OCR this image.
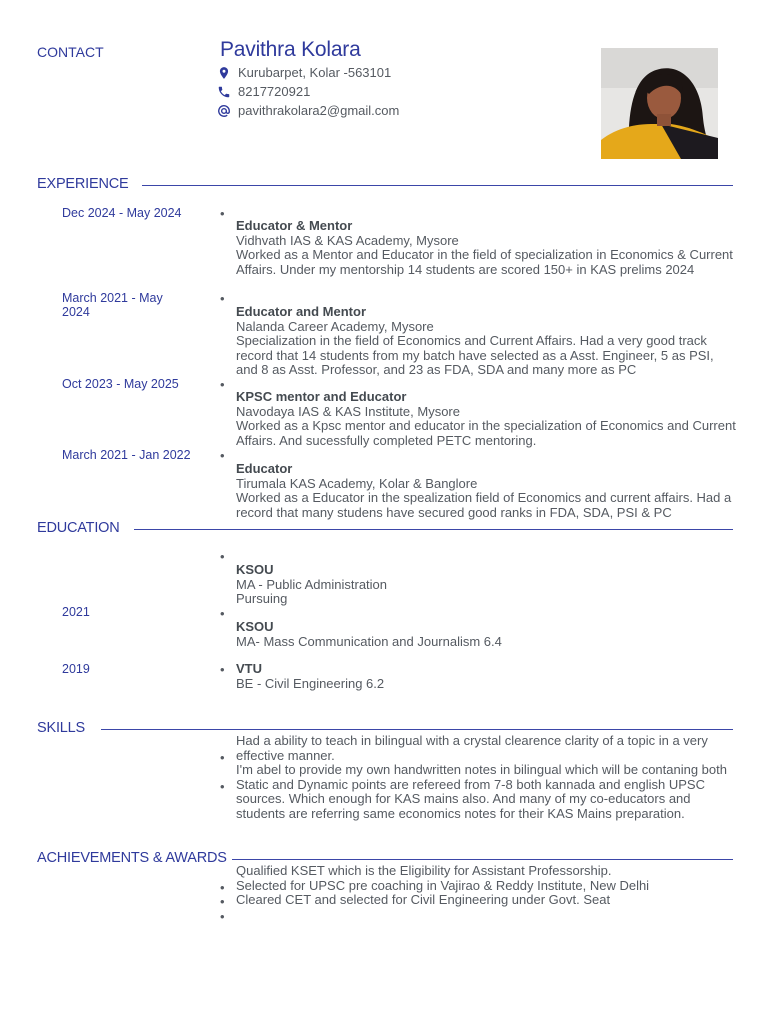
CONTACT	Pavithra Kolara
Kurubarpet, Kolar -563101
8217720921
pavithrakolara2@gmail.com
EXPERIENCE
Dec 2024 - May 2024	•
Educator & Mentor
Vidhvath IAS & KAS Academy, Mysore
Worked as a Mentor and Educator in the field of specialization in Economics & Current Affairs. Under my mentorship 14 students are scored 150+ in KAS prelims 2024
March 2021 - May 2024
•
Educator and Mentor
Nalanda Career Academy, Mysore
Specialization in the field of Economics and Current Affairs. Had a very good track record that 14 students from my batch have selected as a Asst. Engineer, 5 as PSI, and 8 as Asst. Professor, and 23 as FDA, SDA and many more as PC
Oct 2023 - May 2025	•
KPSC mentor and Educator
Navodaya IAS & KAS Institute, Mysore
Worked as a Kpsc mentor and educator in the specialization of Economics and Current Affairs. And sucessfully completed PETC mentoring.
March 2021 - Jan 2022 •
Educator
Tirumala KAS Academy, Kolar & Banglore
Worked as a Educator in the spealization field of Economics and current affairs. Had a record that many studens have secured good ranks in FDA, SDA, PSI & PC
EDUCATION
•
KSOU
MA - Public Administration
Pursuing
2021	•
KSOU
MA- Mass Communication and Journalism 6.4
2019	• VTU
BE - Civil Engineering 6.2
SKILLS
Had a ability to teach in bilingual with a crystal clearence clarity of a topic in a very effective manner.
•
I'm abel to provide my own handwritten notes in bilingual which will be contaning both Static and Dynamic points are refereed from 7-8 both kannada and english UPSC sources. Which enough for KAS mains also. And many of my co-educators and students are referring same economics notes for their KAS Mains preparation.
•
ACHIEVEMENTS & AWARDS
Qualified KSET which is the Eligibility for Assistant Professorship.
• Selected for UPSC pre coaching in Vajirao & Reddy Institute, New Delhi
• Cleared CET and selected for Civil Engineering under Govt. Seat
•
